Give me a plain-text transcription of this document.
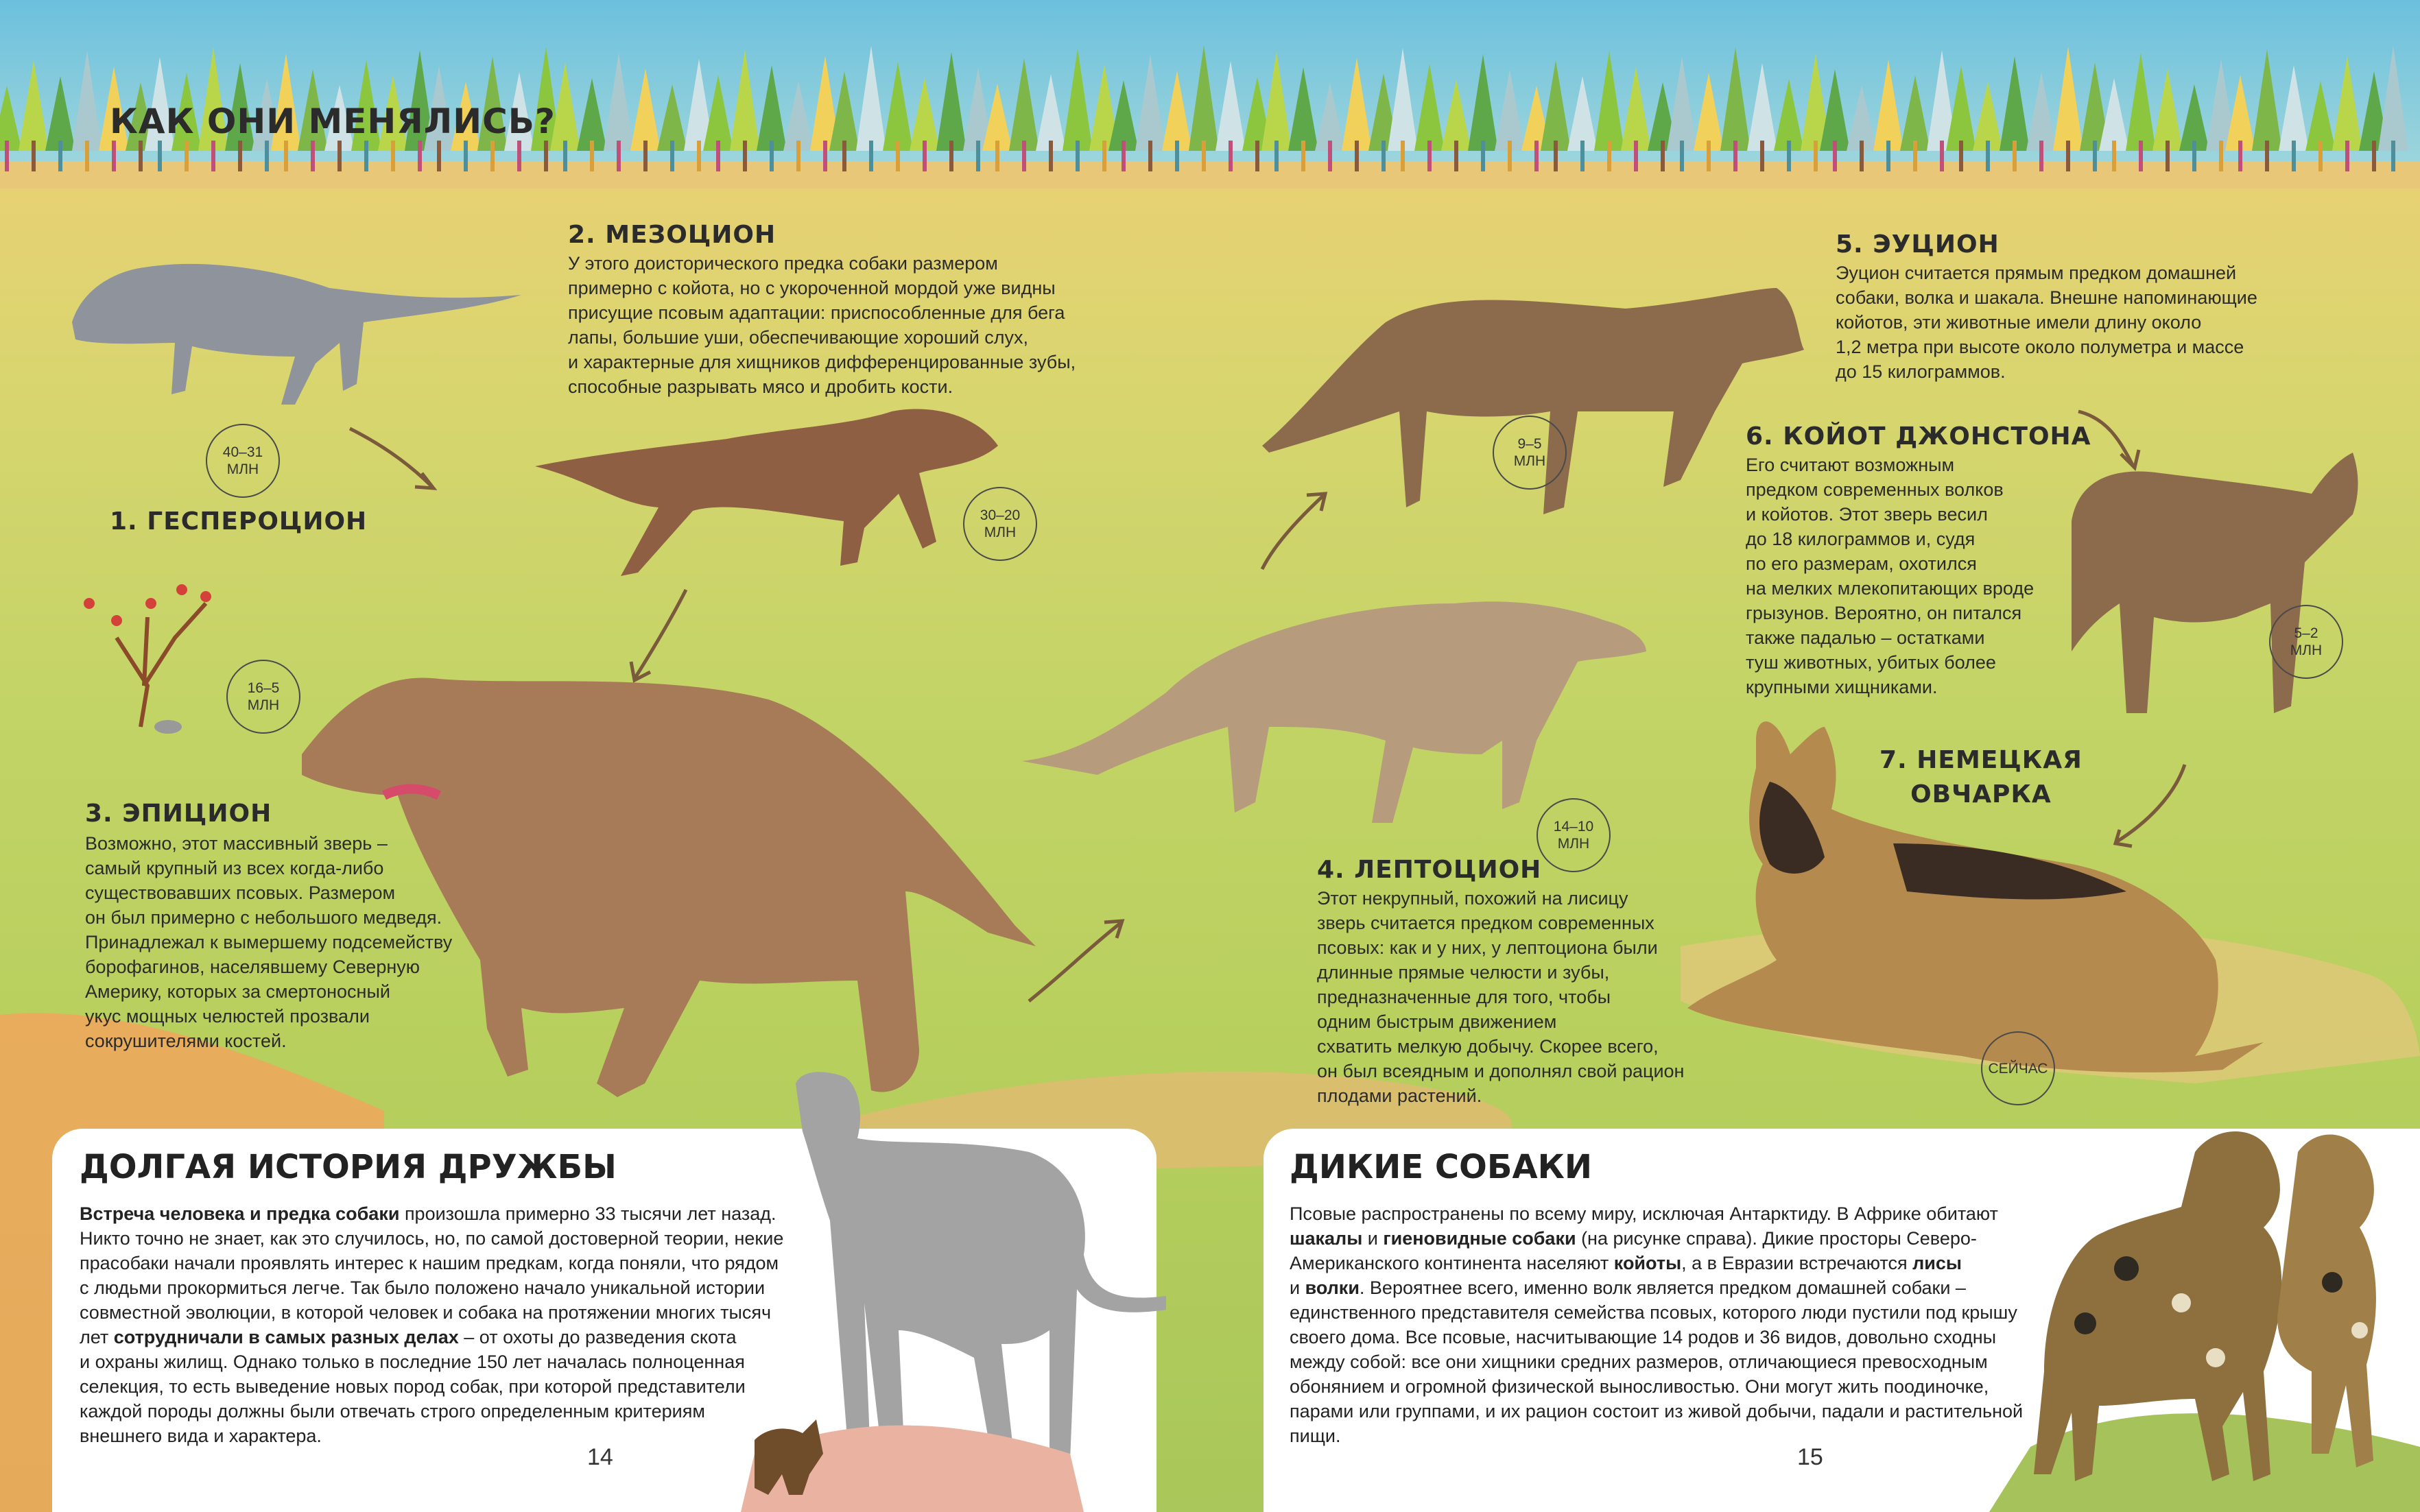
КАК ОНИ МЕНЯЛИСЬ?
1. ГЕСПЕРОЦИОН
2. МЕЗОЦИОН
У этого доисторического предка собаки размером
примерно с койота, но с укороченной мордой уже видны
присущие псовым адаптации: приспособленные для бега
лапы, большие уши, обеспечивающие хороший слух,
и характерные для хищников дифференцированные зубы,
способные разрывать мясо и дробить кости.
3. ЭПИЦИОН
Возможно, этот массивный зверь –
самый крупный из всех когда-либо
существовавших псовых. Размером
он был примерно с небольшого медведя.
Принадлежал к вымершему подсемейству
борофагинов, населявшему Северную
Америку, которых за смертоносный
укус мощных челюстей прозвали
сокрушителями костей.
4. ЛЕПТОЦИОН
Этот некрупный, похожий на лисицу
зверь считается предком современных
псовых: как и у них, у лептоциона были
длинные прямые челюсти и зубы,
предназначенные для того, чтобы
одним быстрым движением
схватить мелкую добычу. Скорее всего,
он был всеядным и дополнял свой рацион
плодами растений.
5. ЭУЦИОН
Эуцион считается прямым предком домашней
собаки, волка и шакала. Внешне напоминающие
койотов, эти животные имели длину около
1,2 метра при высоте около полуметра и массе
до 15 килограммов.
6. КОЙОТ ДЖОНСТОНА
Его считают возможным
предком современных волков
и койотов. Этот зверь весил
до 18 килограммов и, судя
по его размерам, охотился
на мелких млекопитающих вроде
грызунов. Вероятно, он питался
также падалью – остатками
туш животных, убитых более
крупными хищниками.
7. НЕМЕЦКАЯ
ОВЧАРКА
40–31
МЛН
30–20
МЛН
16–5
МЛН
14–10
МЛН
9–5
МЛН
5–2
МЛН
СЕЙЧАС
ДОЛГАЯ ИСТОРИЯ ДРУЖБЫ
Встреча человека и предка собаки произошла примерно 33 тысячи лет назад.
Никто точно не знает, как это случилось, но, по самой достоверной теории, некие
прасобаки начали проявлять интерес к нашим предкам, когда поняли, что рядом
с людьми прокормиться легче. Так было положено начало уникальной истории
совместной эволюции, в которой человек и собака на протяжении многих тысяч
лет сотрудничали в самых разных делах – от охоты до разведения скота
и охраны жилищ. Однако только в последние 150 лет началась полноценная
селекция, то есть выведение новых пород собак, при которой представители
каждой породы должны были отвечать строго определенным критериям
внешнего вида и характера.
14
ДИКИЕ СОБАКИ
Псовые распространены по всему миру, исключая Антарктиду. В Африке обитают
шакалы и гиеновидные собаки (на рисунке справа). Дикие просторы Северо-
Американского континента населяют койоты, а в Евразии встречаются лисы
и волки. Вероятнее всего, именно волк является предком домашней собаки –
единственного представителя семейства псовых, которого люди пустили под крышу
своего дома. Все псовые, насчитывающие 14 родов и 36 видов, довольно сходны
между собой: все они хищники средних размеров, отличающиеся превосходным
обонянием и огромной физической выносливостью. Они могут жить поодиночке,
парами или группами, и их рацион состоит из живой добычи, падали и растительной
пищи.
15
